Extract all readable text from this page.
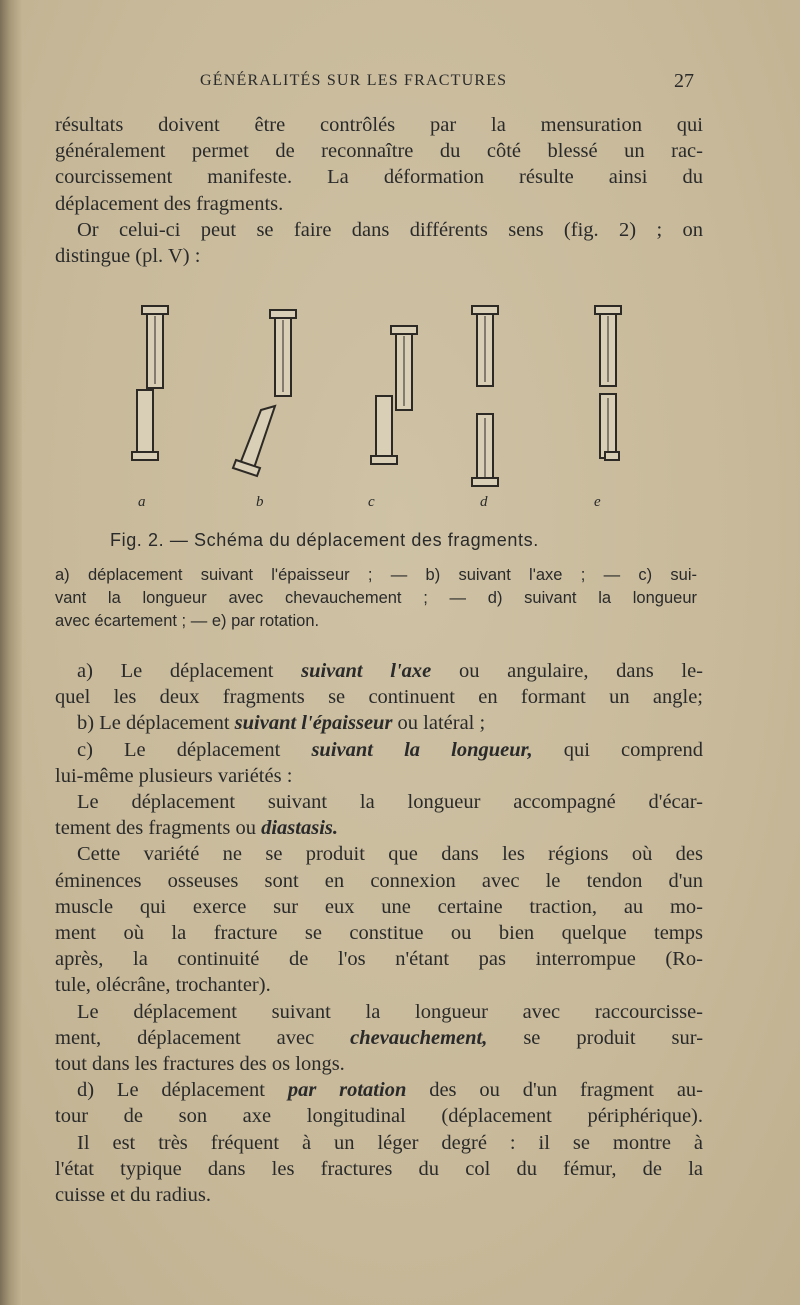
GÉNÉRALITÉS SUR LES FRACTURES	27
résultats doivent être contrôlés par la mensuration qui
généralement permet de reconnaître du côté blessé un rac-
courcissement manifeste. La déformation résulte ainsi du
déplacement des fragments.
Or celui-ci peut se faire dans différents sens (fig. 2) ; on
distingue (pl. V) :
a	b	c	d	e
Fig. 2. — Schéma du déplacement des fragments.
a) déplacement suivant l'épaisseur ; — b) suivant l'axe ; — c) sui-
vant la longueur avec chevauchement ; — d) suivant la longueur
avec écartement ; — e) par rotation.
a) Le déplacement suivant l'axe ou angulaire, dans le-
quel les deux fragments se continuent en formant un angle;
b) Le déplacement suivant l'épaisseur ou latéral ;
c) Le déplacement suivant la longueur, qui comprend
lui-même plusieurs variétés :
Le déplacement suivant la longueur accompagné d'écar-
tement des fragments ou diastasis.
Cette variété ne se produit que dans les régions où des
éminences osseuses sont en connexion avec le tendon d'un
muscle qui exerce sur eux une certaine traction, au mo-
ment où la fracture se constitue ou bien quelque temps
après, la continuité de l'os n'étant pas interrompue (Ro-
tule, olécrâne, trochanter).
Le déplacement suivant la longueur avec raccourcisse-
ment, déplacement avec chevauchement, se produit sur-
tout dans les fractures des os longs.
d) Le déplacement par rotation des ou d'un fragment au-
tour de son axe longitudinal (déplacement périphérique).
Il est très fréquent à un léger degré : il se montre à
l'état typique dans les fractures du col du fémur, de la
cuisse et du radius.
